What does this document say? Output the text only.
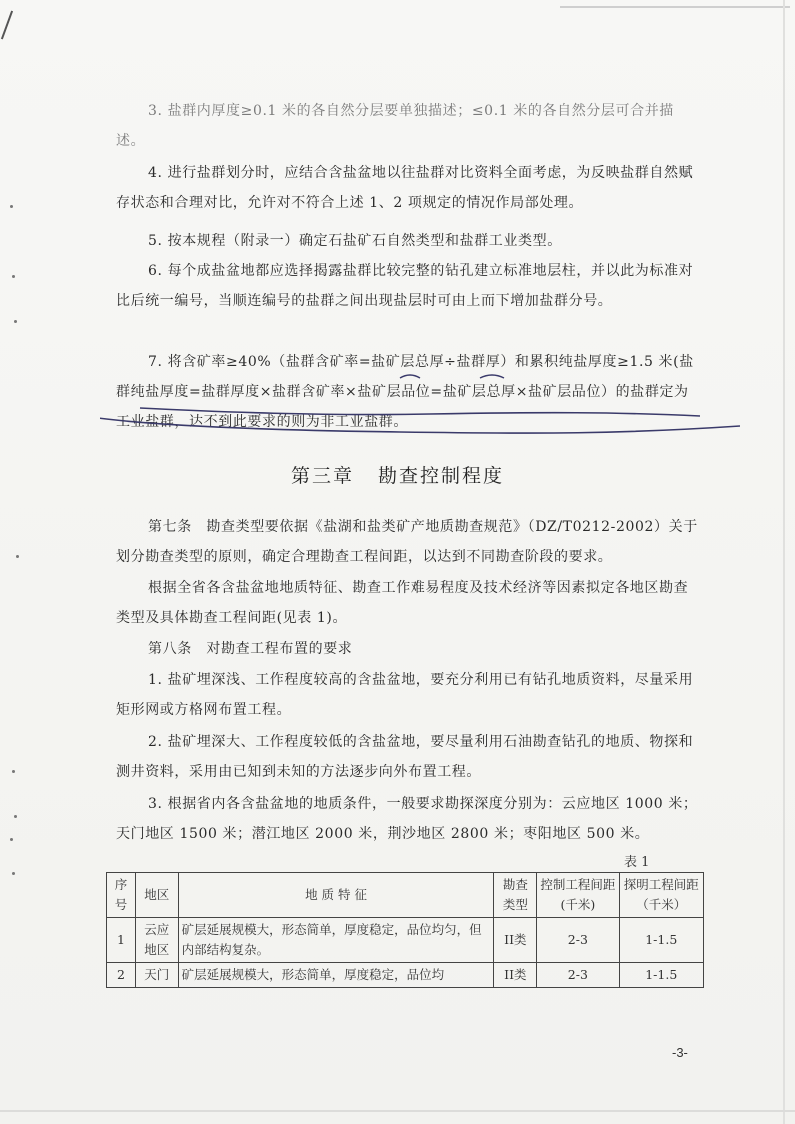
3. 盐群内厚度≥0.1 米的各自然分层要单独描述；≤0.1 米的各自然分层可合并描述。

4. 进行盐群划分时，应结合含盐盆地以往盐群对比资料全面考虑，为反映盐群自然赋存状态和合理对比，允许对不符合上述 1、2 项规定的情况作局部处理。

5. 按本规程（附录一）确定石盐矿石自然类型和盐群工业类型。

6. 每个成盐盆地都应选择揭露盐群比较完整的钻孔建立标准地层柱，并以此为标准对比后统一编号，当顺连编号的盐群之间出现盐层时可由上而下增加盐群分号。

7. 将含矿率≥40%（盐群含矿率=盐矿层总厚÷盐群厚）和累积纯盐厚度≥1.5 米(盐群纯盐厚度=盐群厚度×盐群含矿率×盐矿层品位=盐矿层总厚×盐矿层品位）的盐群定为工业盐群，达不到此要求的则为非工业盐群。

第三章 勘查控制程度

第七条　勘查类型要依据《盐湖和盐类矿产地质勘查规范》（DZ/T0212-2002）关于划分勘查类型的原则，确定合理勘查工程间距，以达到不同勘查阶段的要求。

根据全省各含盐盆地地质特征、勘查工作难易程度及技术经济等因素拟定各地区勘查类型及具体勘查工程间距(见表 1)。

第八条　对勘查工程布置的要求

1. 盐矿埋深浅、工作程度较高的含盐盆地，要充分利用已有钻孔地质资料，尽量采用矩形网或方格网布置工程。

2. 盐矿埋深大、工作程度较低的含盐盆地，要尽量利用石油勘查钻孔的地质、物探和测井资料，采用由已知到未知的方法逐步向外布置工程。

3. 根据省内各含盐盆地的地质条件，一般要求勘探深度分别为：云应地区 1000 米；天门地区 1500 米；潜江地区 2000 米，荆沙地区 2800 米；枣阳地区 500 米。

表 1
序号	地区	地 质 特 征	勘查类型	控制工程间距(千米)	探明工程间距（千米）
1	云应地区	矿层延展规模大，形态简单，厚度稳定，品位均匀，但内部结构复杂。	II类	2-3	1-1.5
2	天门	矿层延展规模大，形态简单，厚度稳定，品位均	II类	2-3	1-1.5
-3-
